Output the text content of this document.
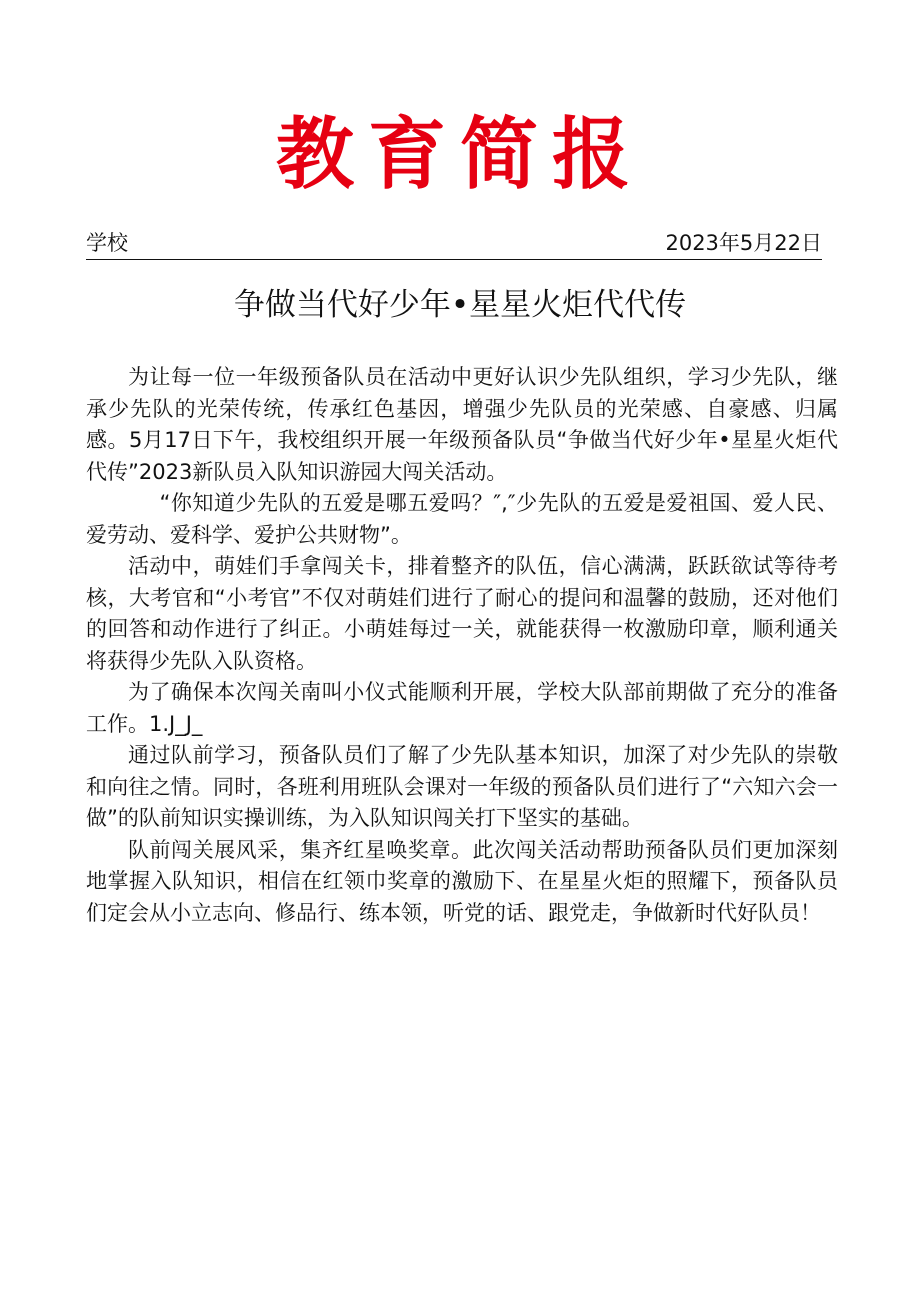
教育简报
学校	2023年5月22日
争做当代好少年•星星火炬代代传

为让每一位一年级预备队员在活动中更好认识少先队组织，学习少先队，继承少先队的光荣传统，传承红色基因，增强少先队员的光荣感、自豪感、归属感。5月17日下午，我校组织开展一年级预备队员“争做当代好少年•星星火炬代代传”2023新队员入队知识游园大闯关活动。

“你知道少先队的五爱是哪五爱吗？″,″少先队的五爱是爱祖国、爱人民、爱劳动、爱科学、爱护公共财物”。

活动中，萌娃们手拿闯关卡，排着整齐的队伍，信心满满，跃跃欲试等待考核，大考官和“小考官”不仅对萌娃们进行了耐心的提问和温馨的鼓励，还对他们的回答和动作进行了纠正。小萌娃每过一关，就能获得一枚激励印章，顺利通关将获得少先队入队资格。

为了确保本次闯关南叫小仪式能顺利开展，学校大队部前期做了充分的准备工作。1.J_J_

通过队前学习，预备队员们了解了少先队基本知识，加深了对少先队的崇敬和向往之情。同时，各班利用班队会课对一年级的预备队员们进行了“六知六会一做”的队前知识实操训练，为入队知识闯关打下坚实的基础。

队前闯关展风采，集齐红星唤奖章。此次闯关活动帮助预备队员们更加深刻地掌握入队知识，相信在红领巾奖章的激励下、在星星火炬的照耀下，预备队员们定会从小立志向、修品行、练本领，听党的话、跟党走，争做新时代好队员！
